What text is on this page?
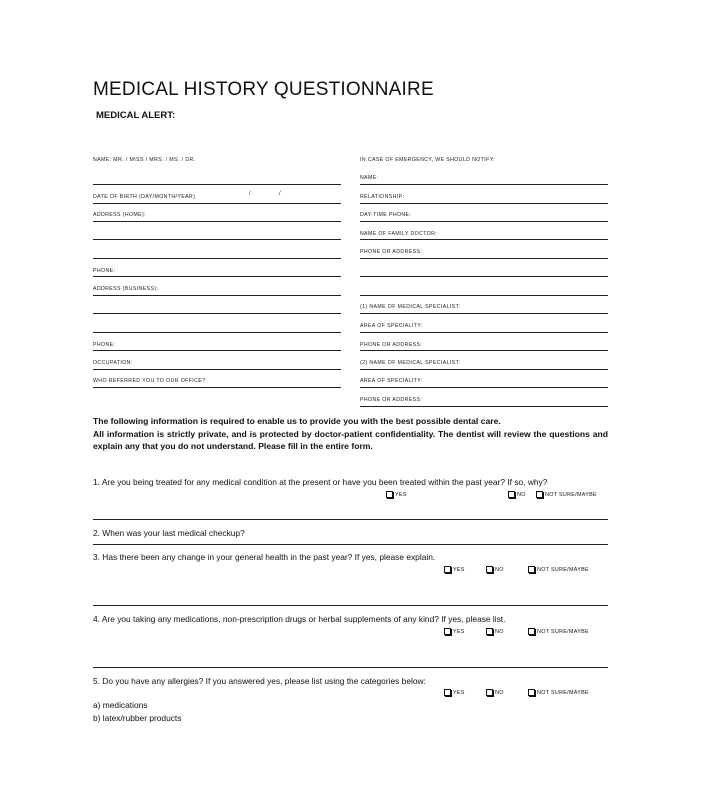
MEDICAL HISTORY QUESTIONNAIRE
MEDICAL ALERT:
NAME: MR. / MISS / MRS. / MS. / DR.
DATE OF BIRTH (DAY/MONTH/YEAR)	/	/
ADDRESS (HOME):
PHONE:
ADDRESS (BUSINESS):
PHONE:
OCCUPATION:
WHO REFERRED YOU TO OUR OFFICE?
IN CASE OF EMERGENCY, WE SHOULD NOTIFY:
NAME:
RELATIONSHIP:
DAY-TIME PHONE:
NAME OF FAMILY DOCTOR:
PHONE OR ADDRESS:
(1) NAME OF MEDICAL SPECIALIST:
AREA OF SPECIALITY:
PHONE OR ADDRESS:
(2) NAME OF MEDICAL SPECIALIST:
AREA OF SPECIALITY:
PHONE OR ADDRESS:
The following information is required to enable us to provide you with the best possible dental care.
All information is strictly private, and is protected by doctor-patient confidentiality. The dentist will review the questions and explain any that you do not understand. Please fill in the entire form.
1. Are you being treated for any medical condition at the present or have you been treated within the past year? If so, why?
YES	NO	NOT SURE/MAYBE
2. When was your last medical checkup?
3. Has there been any change in your general health in the past year? If yes, please explain.
YES	NO	NOT SURE/MAYBE
4. Are you taking any medications, non-prescription drugs or herbal supplements of any kind? If yes, please list.
YES	NO	NOT SURE/MAYBE
5. Do you have any allergies? If you answered yes, please list using the categories below:
YES	NO	NOT SURE/MAYBE
a) medications
b) latex/rubber products
